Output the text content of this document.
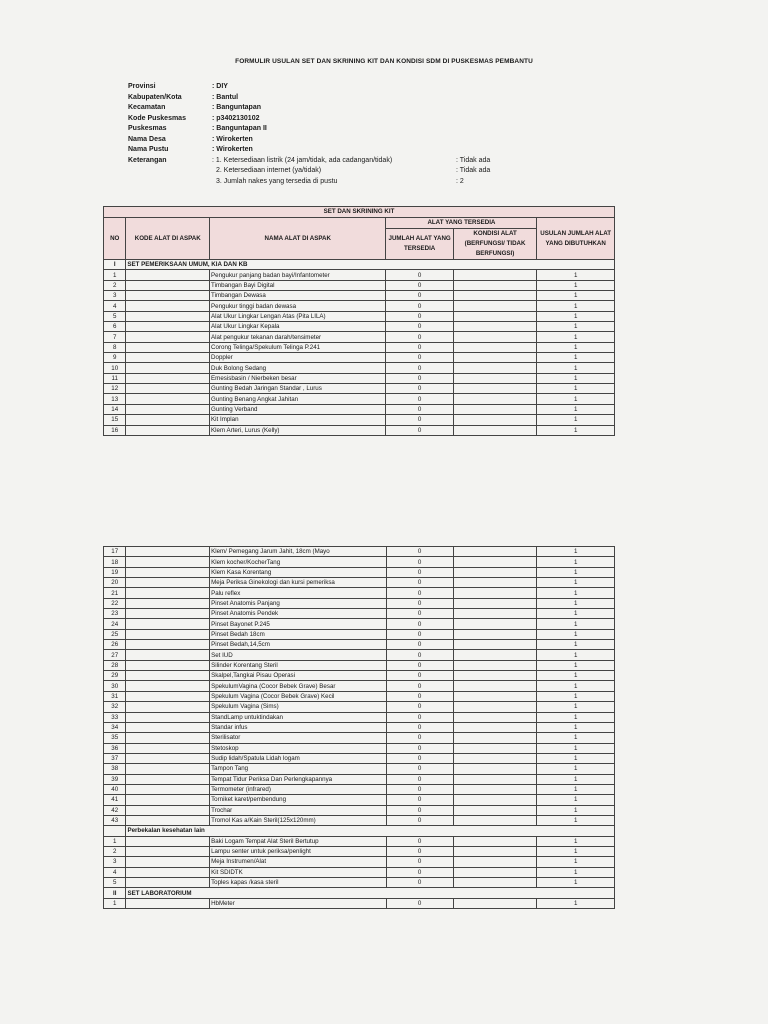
FORMULIR USULAN SET DAN SKRINING KIT DAN KONDISI SDM DI PUSKESMAS PEMBANTU
Provinsi	: DIY
Kabupaten/Kota	: Bantul
Kecamatan	: Banguntapan
Kode Puskesmas	: p3402130102
Puskesmas	: Banguntapan II
Nama Desa	: Wirokerten
Nama Pustu	: Wirokerten
Keterangan	: 1. Ketersediaan listrik (24 jam/tidak, ada cadangan/tidak)	: Tidak ada
2. Ketersediaan internet (ya/tidak)	: Tidak ada
3. Jumlah nakes yang tersedia di pustu	: 2
SET DAN SKRINING KIT					
NO	KODE ALAT DI ASPAK	NAMA ALAT DI ASPAK	ALAT YANG TERSEDIA		USULAN JUMLAH ALAT YANG DIBUTUHKAN
			JUMLAH ALAT YANG TERSEDIA	KONDISI ALAT (BERFUNGSI/ TIDAK BERFUNGSI)	
I	SET PEMERIKSAAN UMUM, KIA DAN KB				
1		Pengukur panjang badan bayi/Infantometer	0		1
2		Timbangan Bayi Digital	0		1
3		Timbangan Dewasa	0		1
4		Pengukur tinggi badan dewasa	0		1
5		Alat Ukur Lingkar Lengan Atas (Pita LILA)	0		1
6		Alat Ukur Lingkar Kepala	0		1
7		Alat pengukur tekanan darah/tensimeter	0		1
8		Corong Telinga/Spekulum Telinga P.241	0		1
9		Doppler	0		1
10		Duk Bolong Sedang	0		1
11		Emesisbasin / Nierbeken besar	0		1
12		Gunting Bedah Jaringan Standar , Lurus	0		1
13		Gunting Benang Angkat Jahitan	0		1
14		Gunting Verband	0		1
15		Kit Implan	0		1
16		Klem Arteri, Lurus (Kelly)	0		1
17		Klem/ Pemegang Jarum Jahit, 18cm (Mayo	0		1
18		Klem kocher/KocherTang	0		1
19		Klem Kasa Korentang	0		1
20		Meja Periksa Ginekologi dan kursi pemeriksa	0		1
21		Palu reflex	0		1
22		Pinset Anatomis Panjang	0		1
23		Pinset Anatomis Pendek	0		1
24		Pinset Bayonet P.245	0		1
25		Pinset Bedah 18cm	0		1
26		Pinset Bedah,14,5cm	0		1
27		Set IUD	0		1
28		Silinder Korentang Steril	0		1
29		Skalpel,Tangkai Pisau Operasi	0		1
30		SpekulumVagina (Cocor Bebek Grave) Besar	0		1
31		Spekulum Vagina (Cocor Bebek Grave) Kecil	0		1
32		Spekulum Vagina (Sims)	0		1
33		StandLamp untuktindakan	0		1
34		Standar infus	0		1
35		Sterilisator	0		1
36		Stetoskop	0		1
37		Sudip lidah/Spatula Lidah logam	0		1
38		Tampon Tang	0		1
39		Tempat Tidur Periksa Dan Perlengkapannya	0		1
40		Termometer (infrared)	0		1
41		Torniket karet/pembendung	0		1
42		Trochar	0		1
43		Tromol Kas a/Kain Steril(125x120mm)	0		1
	Perbekalan kesehatan lain				
1		Baki Logam Tempat Alat Steril Bertutup	0		1
2		Lampu senter untuk periksa/penlight	0		1
3		Meja Instrumen/Alat	0		1
4		Kit SDIDTK	0		1
5		Toples kapas /kasa steril	0		1
II	SET LABORATORIUM				
1		HbMeter	0		1
